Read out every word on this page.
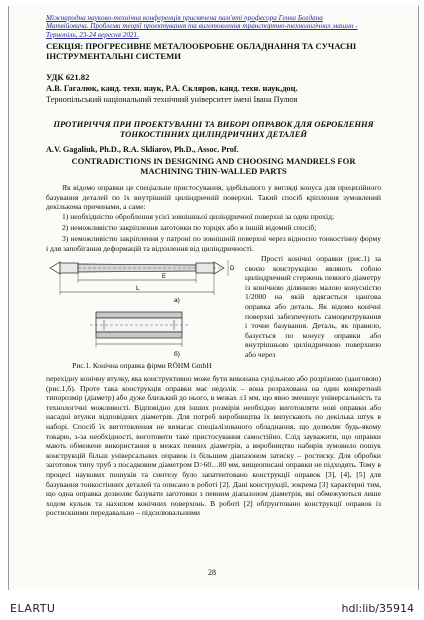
Міжнародна науково-технічна конференція присвячена пам'яті професора Генка Богдана
Матвійовича. Проблеми теорії проектування та виготовлення транспортно-технологічних машин -
Тернопіль, 23-24 вересня 2021.
СЕКЦІЯ: ПРОГРЕСИВНЕ МЕТАЛООБРОБНЕ ОБЛАДНАННЯ ТА СУЧАСНІ ІНСТРУМЕНТАЛЬНІ СИСТЕМИ
УДК 621.82
А.В. Гагалюк, канд. техн. наук, Р.А. Скляров, канд. техн. наук,доц.
Тернопільський національний технічний університет імені Івана Пулюя
ПРОТИРІЧЧЯ ПРИ ПРОЕКТУВАННІ ТА ВИБОРІ ОПРАВОК ДЛЯ ОБРОБЛЕННЯ ТОНКОСТІННИХ ЦИЛІНДРИЧНИХ ДЕТАЛЕЙ
A.V. Gagaliuk, Ph.D., R.A. Skliarov, Ph.D., Assoc. Prof.
CONTRADICTIONS IN DESIGNING AND CHOOSING MANDRELS FOR MACHINING THIN-WALLED PARTS
Як відомо оправки це спеціальне пристосування, здебільшого у вигляді конуса для прецизійного базування деталей по їх внутрішній циліндричній поверхні. Такий спосіб кріплення зумовлений декількома причинами, а саме:
1) необхідністю оброблення усієї зовнішньої циліндричної поверхні за один прохід;
2) неможливістю закріплення заготовки по торцях або в іншій відомий спосіб;
3) неможливістю закріплення у патроні по зовнішній поверхні через відносно тонкостінну форму і для запобігання деформацій та відхилення від циліндричності.
E
L
D
а)
б)
Рис.1. Конічна оправка фірми RÖHM GmbH
Прості конічні оправки (рис.1) за своєю конструкцією являють собою циліндричний стержень певного діаметру із конічною ділянкою малою конусністю 1/2000 на якій вдягається цанговa оправка або деталь. Як відомо конічні поверхні забезпечують самоцентрування і точне базування. Деталь, як правило, базується по конусу оправки або внутрішньою циліндричною поверхнею або через
перехідну конічну втулку, яка конструктивно може бути виконана суцільною або розрізною (цанговою) (рис.1,б). Проте така конструкція оправки має недолік – вона розрахована на один конкретний типорозмір (діаметр) або дуже близький до нього, в межах ±1 мм, що явно зменшує універсальність та технологічні можливості. Відповідно для інших розмірів необхідно виготовляти нові оправки або насадні втулки відповідних діаметрів. Для потреб виробництва їх випускають по декілька штук в наборі. Спосіб їх виготовлення не вимагає спеціалізованого обладнання, що дозволяє будь-якому токарю, з-за необхідності, виготовити таке пристосування самостійно. Слід зауважити, що оправки мають обмежене використання в межах певних діаметрів, а виробництво набирів зумовило пошук конструкцій більш універсальних оправок із більшим діапазоном затиску – ростиску. Для обробки заготовок типу труб з посадковим діаметром D>60…80 мм, вищеописані оправки не підходять. Тому в процесі наукових пошуків та синтезу було запатентовано конструкції оправок [3], [4], [5] для базування тонкостінних деталей та описано в роботі [2]. Дані конструкції, зокрема [3] характерні тим, що одна оправка дозволяє базувати заготовки з певним діапазоном діаметрів, які обмежуються лише ходом кульок та нахилом конічних поверхонь. В роботі [2] обґрунтовано конструкції оправок із ростискними передавально – підсилювальними
28
ELARTU	hdl:lib/35914
